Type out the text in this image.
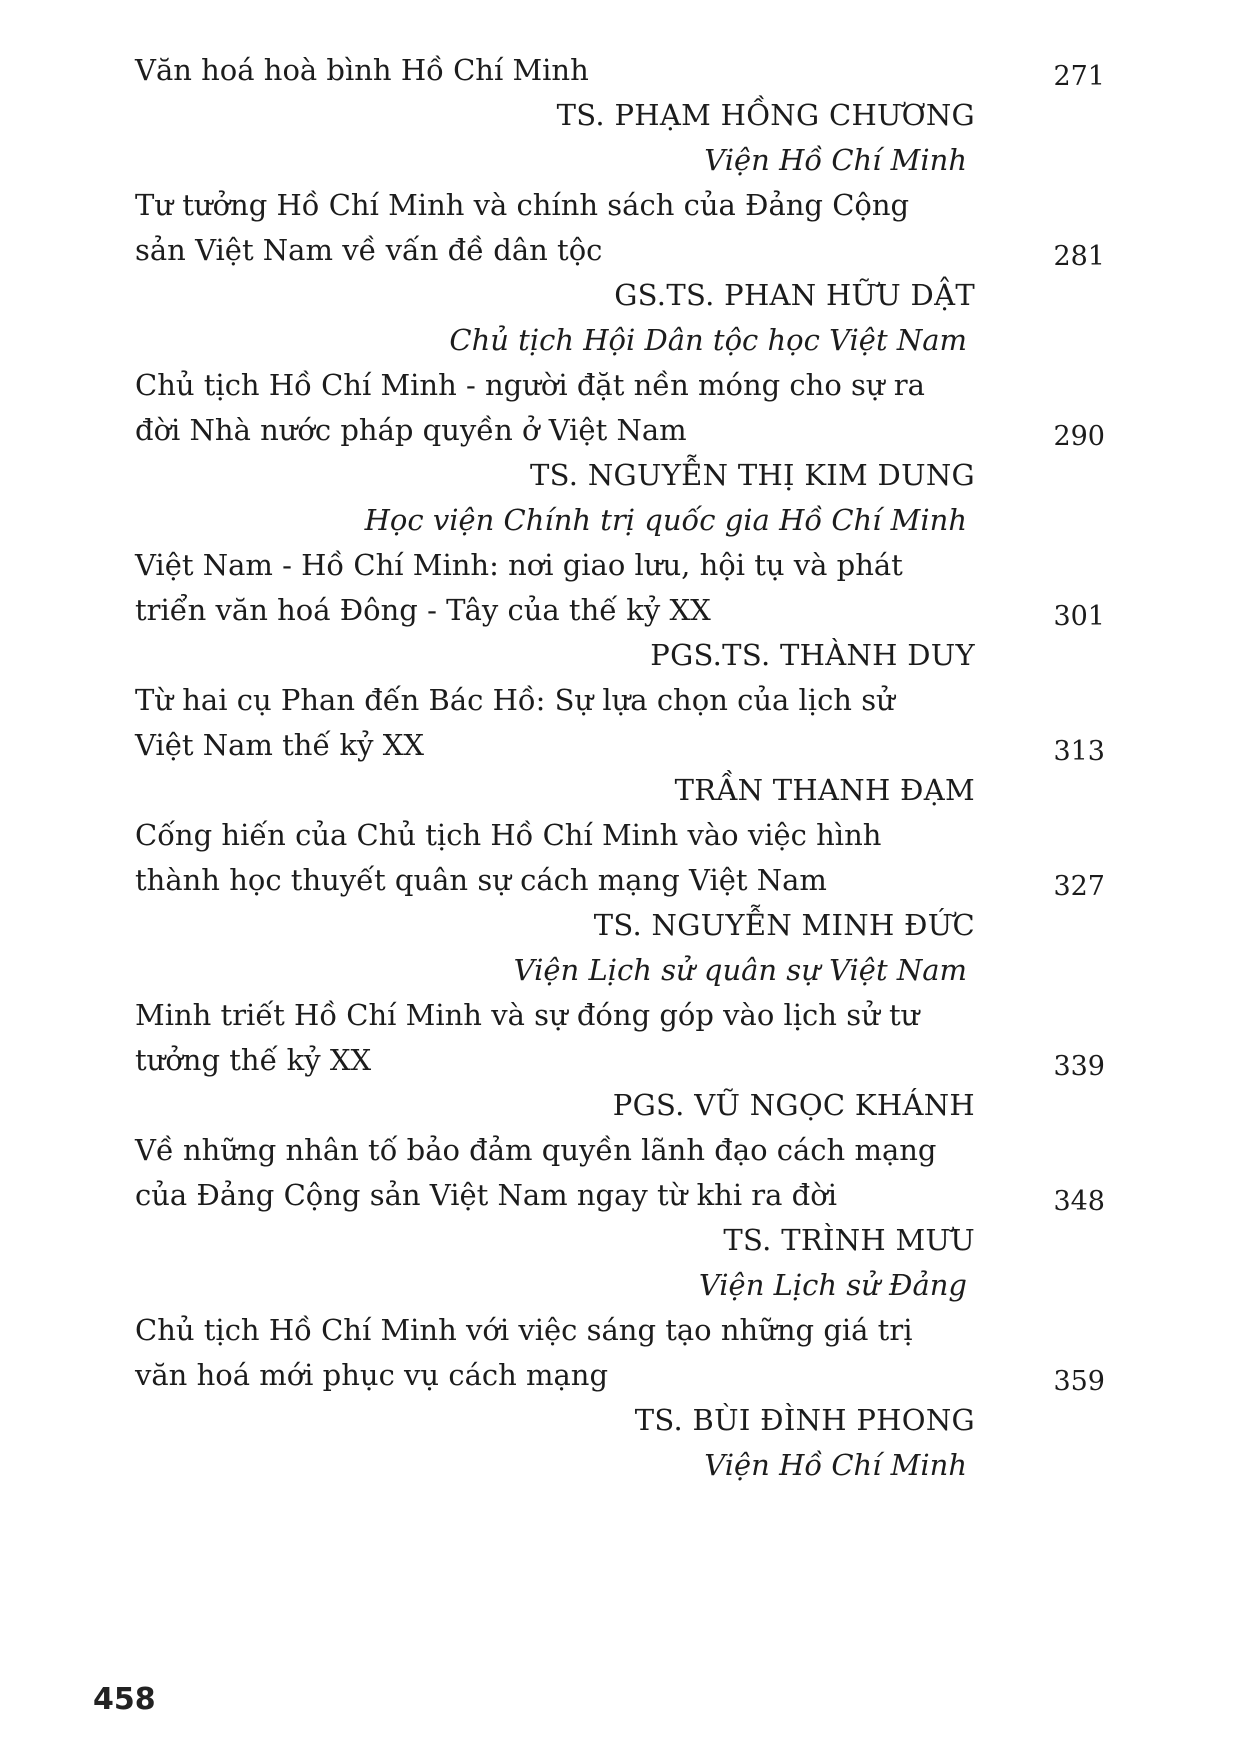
Văn hoá hoà bình Hồ Chí Minh	271
TS. PHẠM HỒNG CHƯƠNG
Viện Hồ Chí Minh
Tư tưởng Hồ Chí Minh và chính sách của Đảng Cộng
sản Việt Nam về vấn đề dân tộc	281
GS.TS. PHAN HỮU DẬT
Chủ tịch Hội Dân tộc học Việt Nam
Chủ tịch Hồ Chí Minh - người đặt nền móng cho sự ra
đời Nhà nước pháp quyền ở Việt Nam	290
TS. NGUYỄN THỊ KIM DUNG
Học viện Chính trị quốc gia Hồ Chí Minh
Việt Nam - Hồ Chí Minh: nơi giao lưu, hội tụ và phát
triển văn hoá Đông - Tây của thế kỷ XX	301
PGS.TS. THÀNH DUY
Từ hai cụ Phan đến Bác Hồ: Sự lựa chọn của lịch sử
Việt Nam thế kỷ XX	313
TRẦN THANH ĐẠM
Cống hiến của Chủ tịch Hồ Chí Minh vào việc hình
thành học thuyết quân sự cách mạng Việt Nam	327
TS. NGUYỄN MINH ĐỨC
Viện Lịch sử quân sự Việt Nam
Minh triết Hồ Chí Minh và sự đóng góp vào lịch sử tư
tưởng thế kỷ XX	339
PGS. VŨ NGỌC KHÁNH
Về những nhân tố bảo đảm quyền lãnh đạo cách mạng
của Đảng Cộng sản Việt Nam ngay từ khi ra đời	348
TS. TRÌNH MƯU
Viện Lịch sử Đảng
Chủ tịch Hồ Chí Minh với việc sáng tạo những giá trị
văn hoá mới phục vụ cách mạng	359
TS. BÙI ĐÌNH PHONG
Viện Hồ Chí Minh
458
